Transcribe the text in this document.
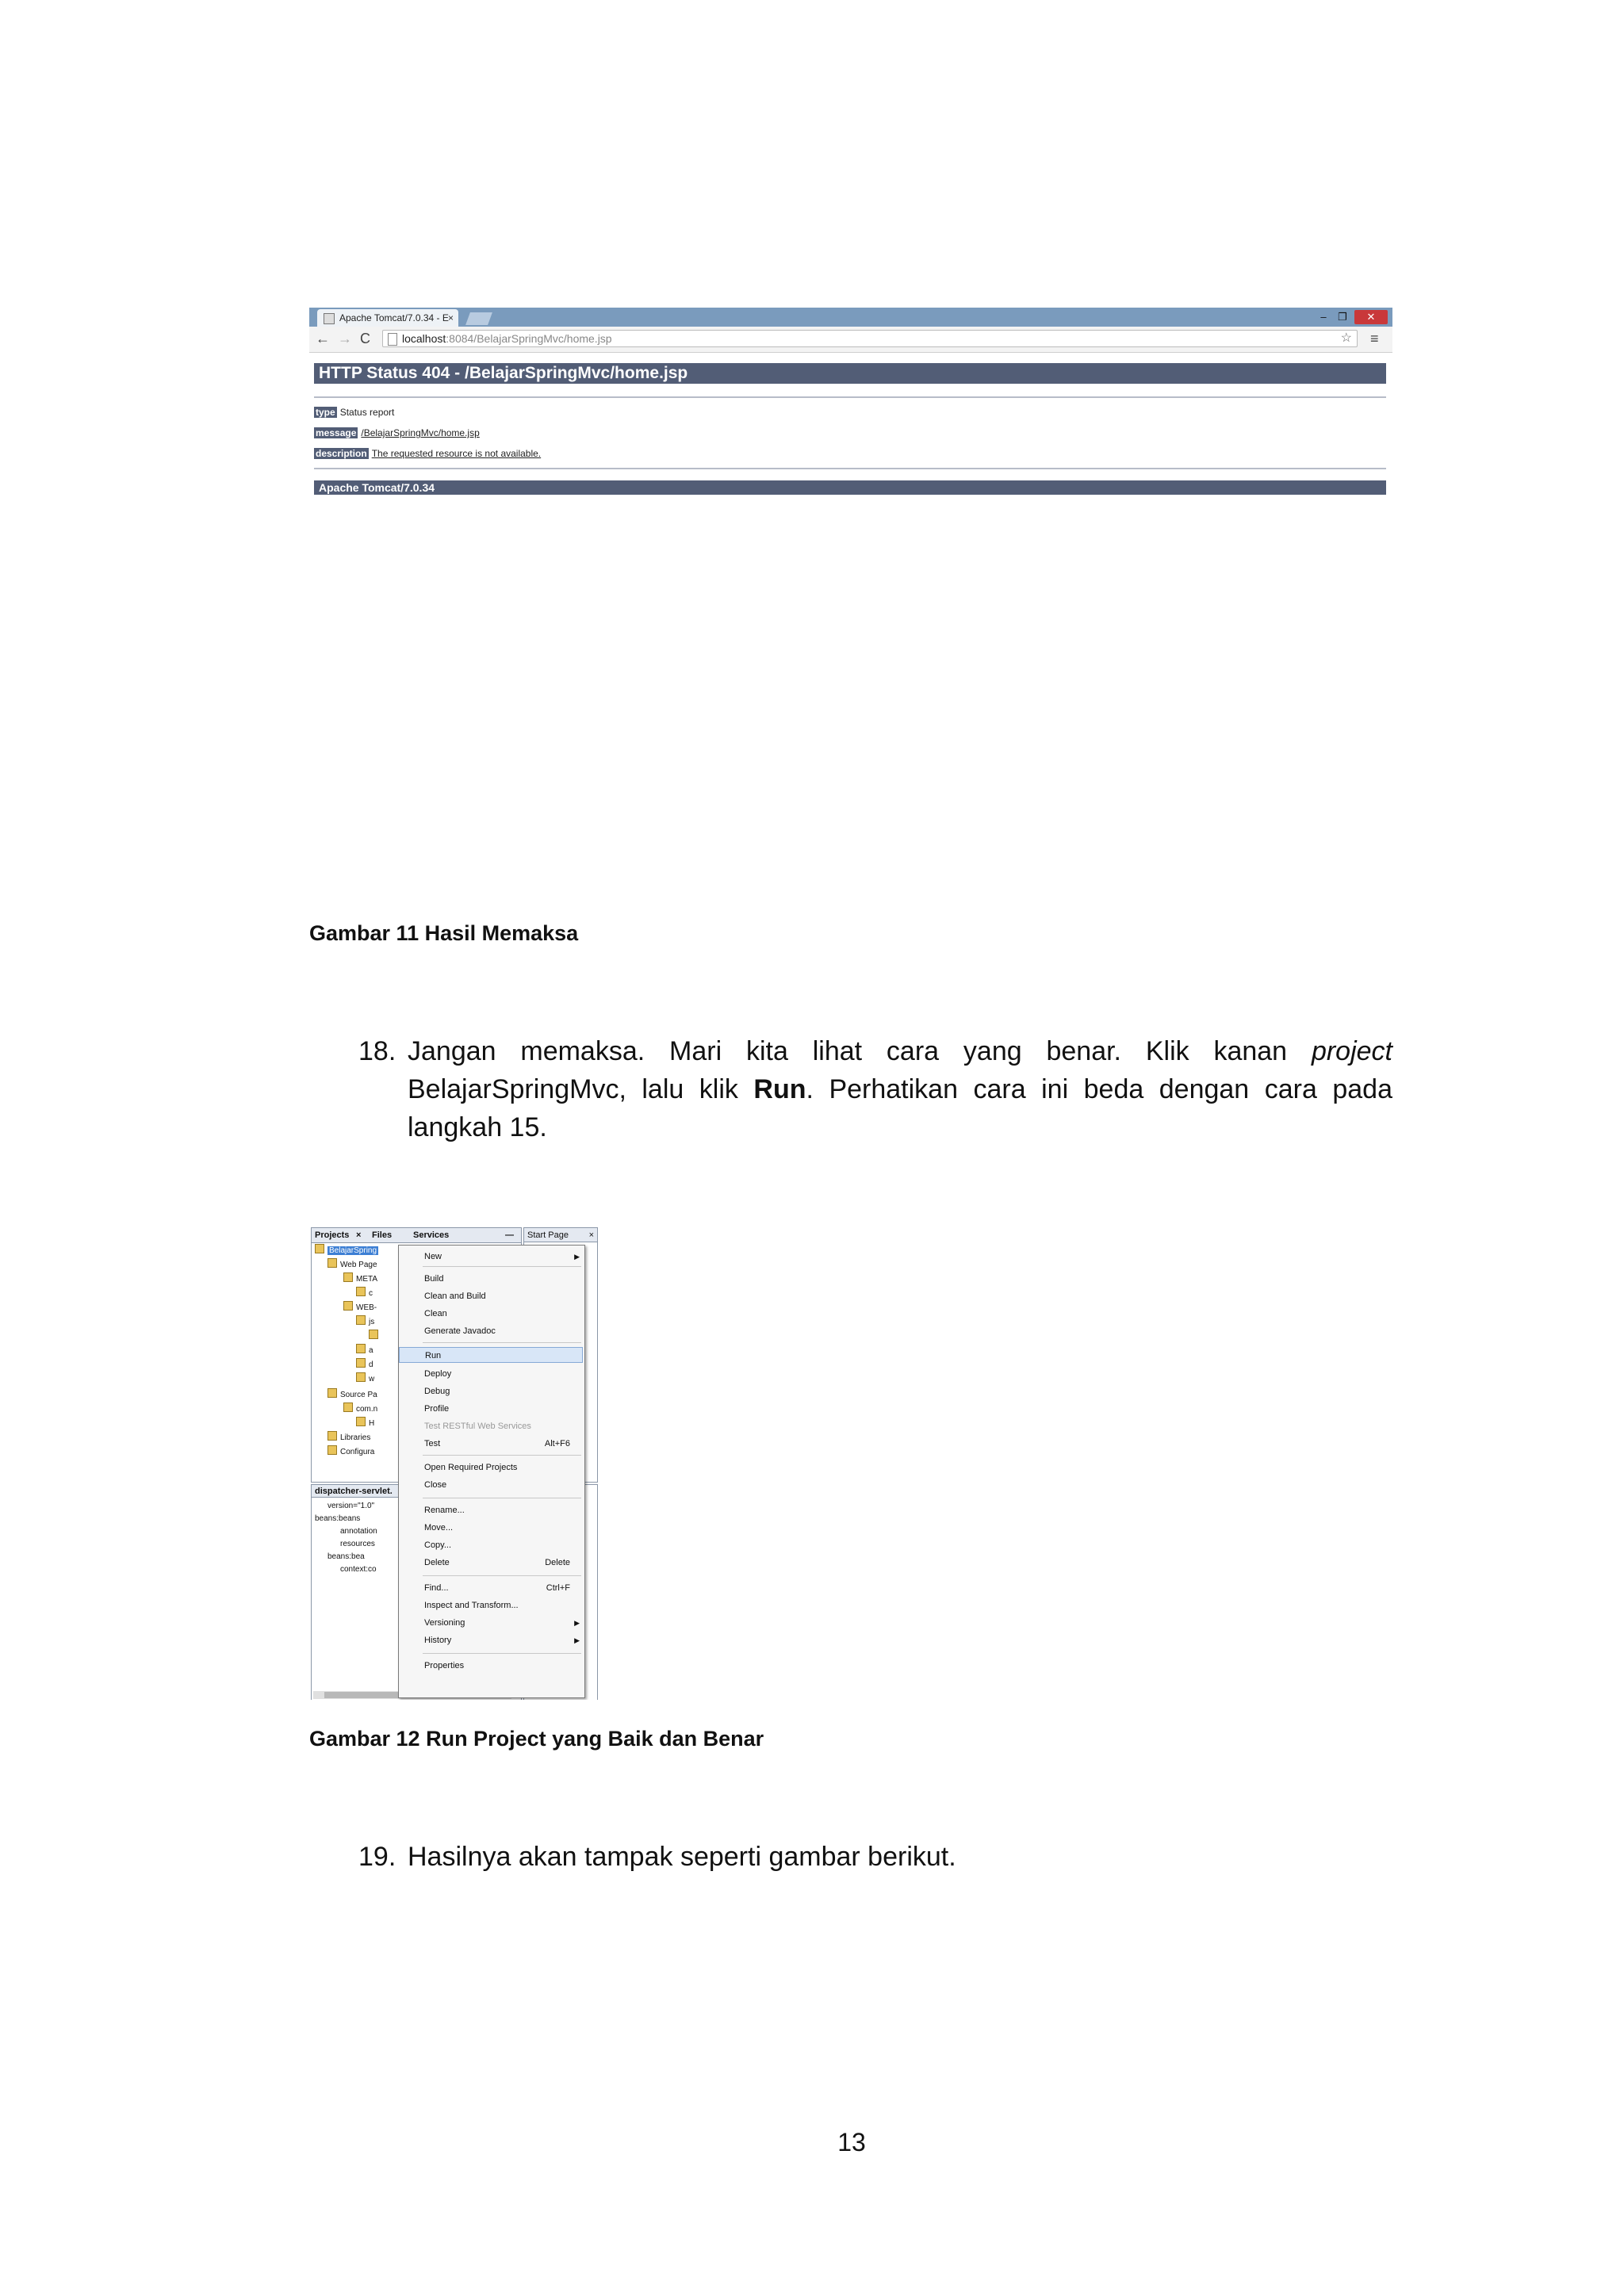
Apache Tomcat/7.0.34 - E ×	–	❐	✕
← → C	localhost:8084/BelajarSpringMvc/home.jsp	☆ ≡
HTTP Status 404 - /BelajarSpringMvc/home.jsp
type Status report
message /BelajarSpringMvc/home.jsp
description The requested resource is not available.
Apache Tomcat/7.0.34
Gambar 11 Hasil Memaksa
18. Jangan memaksa. Mari kita lihat cara yang benar. Klik kanan project BelajarSpringMvc, lalu klik Run. Perhatikan cara ini beda dengan cara pada langkah 15.
Projects × Files Services	—
BelajarSpring
Web Page
META
c
WEB-
js
a
d
w
Source Pa
com.n
H
Libraries
Configura
Start Page ×
dispatcher-servlet.
version="1.0"
beans:beans
annotation
resources
beans:bea
context:co
New	▶
Build
Clean and Build
Clean
Generate Javadoc
Run
Deploy
Debug
Profile
Test RESTful Web Services
Test	Alt+F6
Open Required Projects
Close
Rename...
Move...
Copy...
Delete	Delete
Find...	Ctrl+F
Inspect and Transform...
Versioning	▶
History	▶
Properties
Gambar 12 Run Project yang Baik dan Benar
19. Hasilnya akan tampak seperti gambar berikut.
13
